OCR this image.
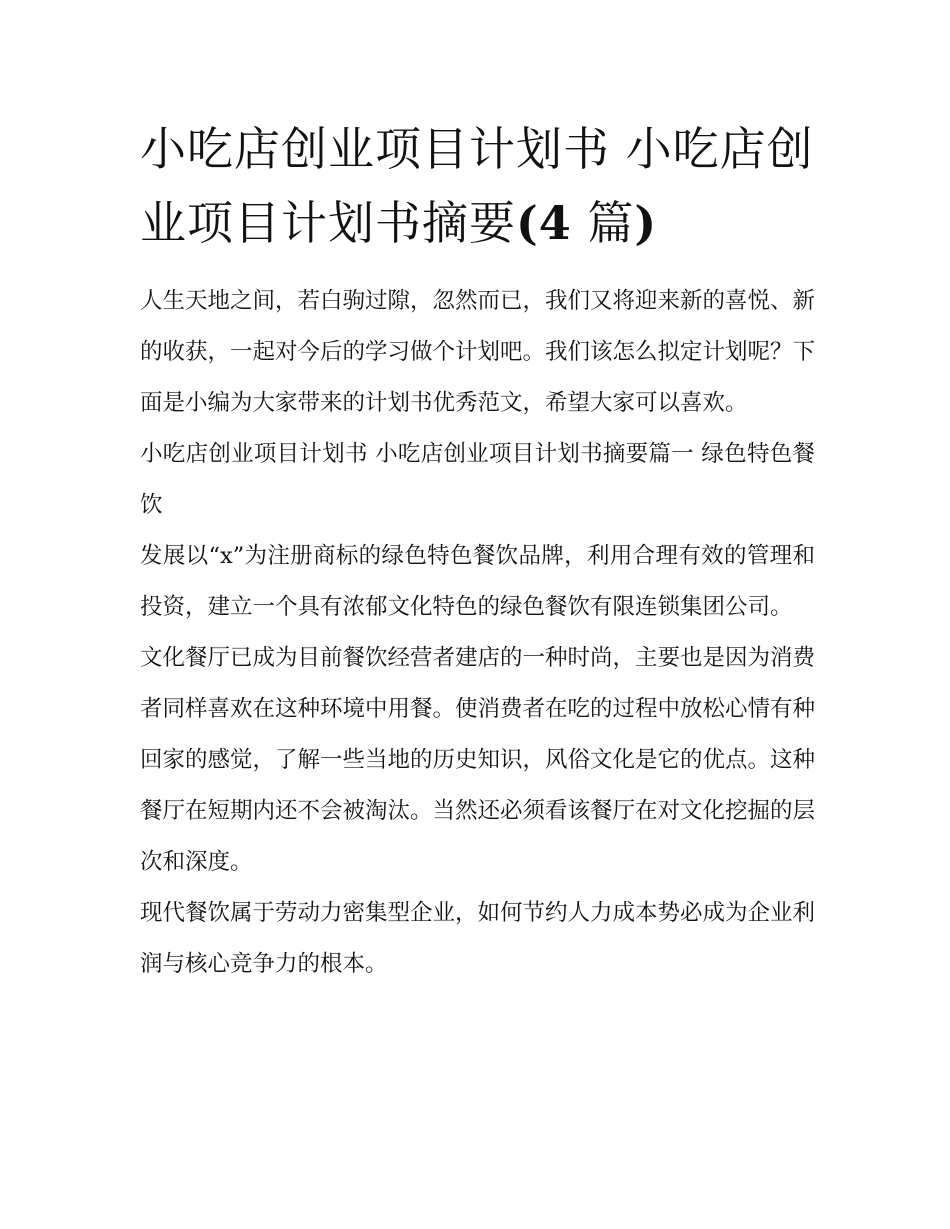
小吃店创业项目计划书 小吃店创业项目计划书摘要(4 篇)

人生天地之间，若白驹过隙，忽然而已，我们又将迎来新的喜悦、新的收获，一起对今后的学习做个计划吧。我们该怎么拟定计划呢？下面是小编为大家带来的计划书优秀范文，希望大家可以喜欢。

小吃店创业项目计划书 小吃店创业项目计划书摘要篇一 绿色特色餐饮

发展以“x”为注册商标的绿色特色餐饮品牌，利用合理有效的管理和投资，建立一个具有浓郁文化特色的绿色餐饮有限连锁集团公司。

文化餐厅已成为目前餐饮经营者建店的一种时尚，主要也是因为消费者同样喜欢在这种环境中用餐。使消费者在吃的过程中放松心情有种回家的感觉，了解一些当地的历史知识，风俗文化是它的优点。这种餐厅在短期内还不会被淘汰。当然还必须看该餐厅在对文化挖掘的层次和深度。

现代餐饮属于劳动力密集型企业，如何节约人力成本势必成为企业利润与核心竞争力的根本。
